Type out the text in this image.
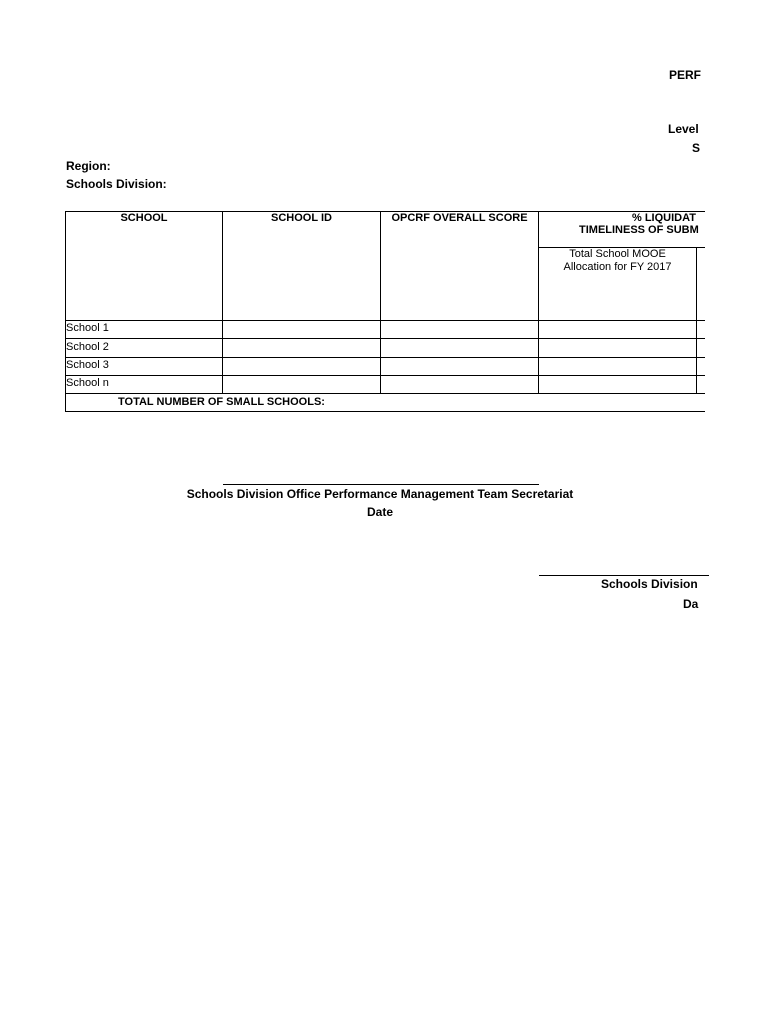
PERF
Level
S
Region:
Schools Division:
SCHOOL	SCHOOL ID	OPCRF OVERALL SCORE	% LIQUIDAT
TIMELINESS OF SUBM
Total School MOOE
Allocation for FY 2017
School 1
School 2
School 3
School n
TOTAL NUMBER OF SMALL SCHOOLS:
Schools Division Office Performance Management Team Secretariat
Date
Schools Division
Da
